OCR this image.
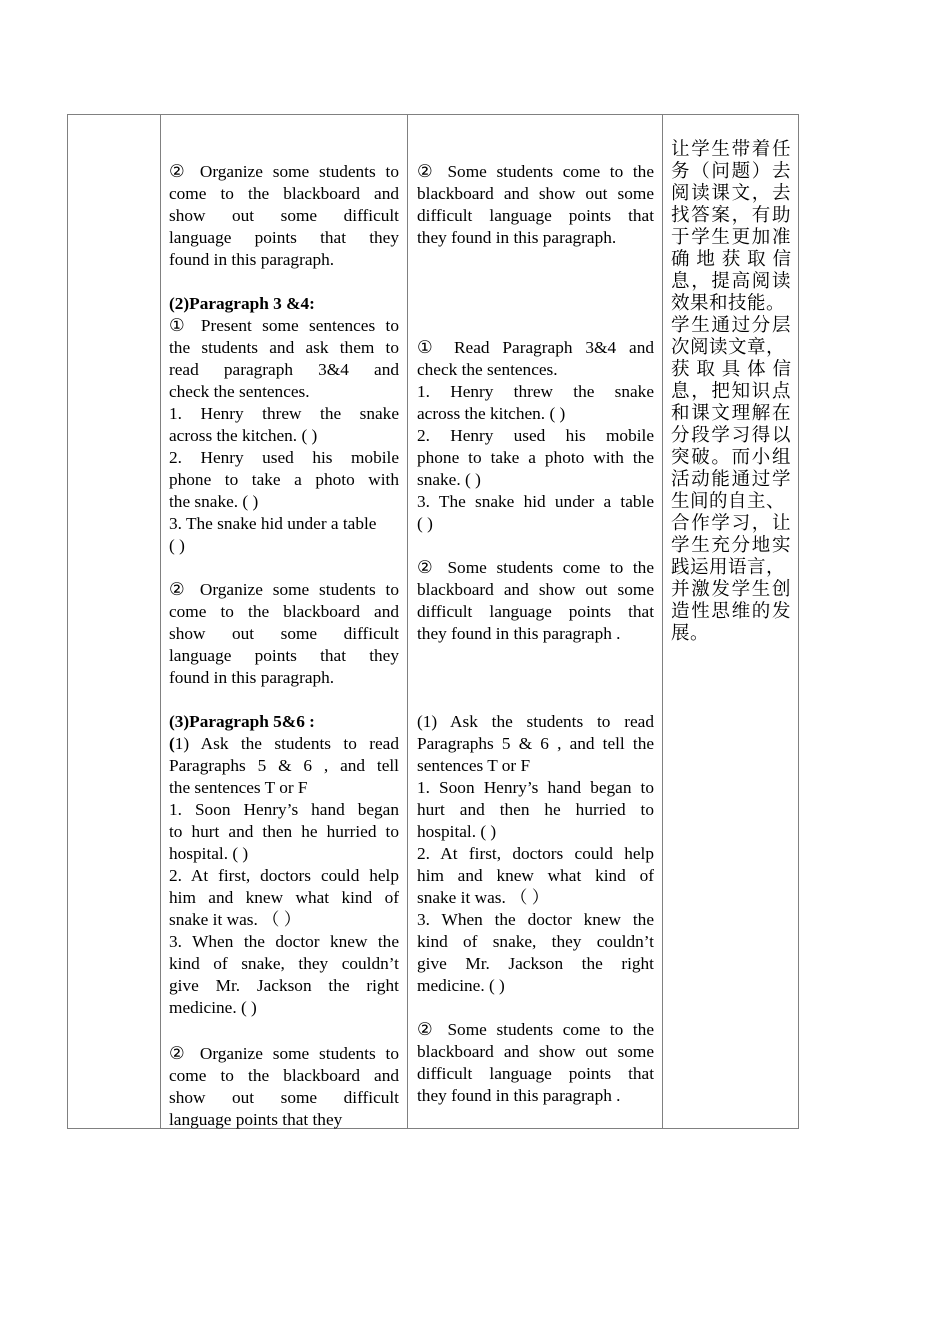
② Organize some students to
come to the blackboard and
show out some difficult
language points that they
found in this paragraph.
(2)Paragraph 3 &4:
① Present some sentences to
the students and ask them to
read paragraph 3&4 and
check the sentences.
1. Henry threw the snake
across the kitchen. ( )
2. Henry used his mobile
phone to take a photo with
the snake. ( )
3. The snake hid under a table
( )
② Organize some students to
come to the blackboard and
show out some difficult
language points that they
found in this paragraph.
(3)Paragraph 5&6 :
(1) Ask the students to read
Paragraphs 5 & 6 , and tell
the sentences T or F
1. Soon Henry’s hand began
to hurt and then he hurried to
hospital. ( )
2. At first, doctors could help
him and knew what kind of
snake it was. （ ）
3. When the doctor knew the
kind of snake, they couldn’t
give Mr. Jackson the right
medicine. ( )
② Organize some students to
come to the blackboard and
show out some difficult
language points that they
② Some students come to the
blackboard and show out some
difficult language points that
they found in this paragraph.
① Read Paragraph 3&4 and
check the sentences.
1. Henry threw the snake
across the kitchen. ( )
2. Henry used his mobile
phone to take a photo with the
snake. ( )
3. The snake hid under a table
( )
② Some students come to the
blackboard and show out some
difficult language points that
they found in this paragraph .
(1) Ask the students to read
Paragraphs 5 & 6 , and tell the
sentences T or F
1. Soon Henry’s hand began to
hurt and then he hurried to
hospital. ( )
2. At first, doctors could help
him and knew what kind of
snake it was. （ ）
3. When the doctor knew the
kind of snake, they couldn’t
give Mr. Jackson the right
medicine. ( )
② Some students come to the
blackboard and show out some
difficult language points that
they found in this paragraph .
让学生带着任
务（问题）去
阅读课文，去
找答案，有助
于学生更加准
确 地 获 取 信
息，提高阅读
效果和技能。
学生通过分层
次阅读文章，
获 取 具 体 信
息，把知识点
和课文理解在
分段学习得以
突破。而小组
活动能通过学
生间的自主、
合作学习，让
学生充分地实
践运用语言，
并激发学生创
造性思维的发
展。
